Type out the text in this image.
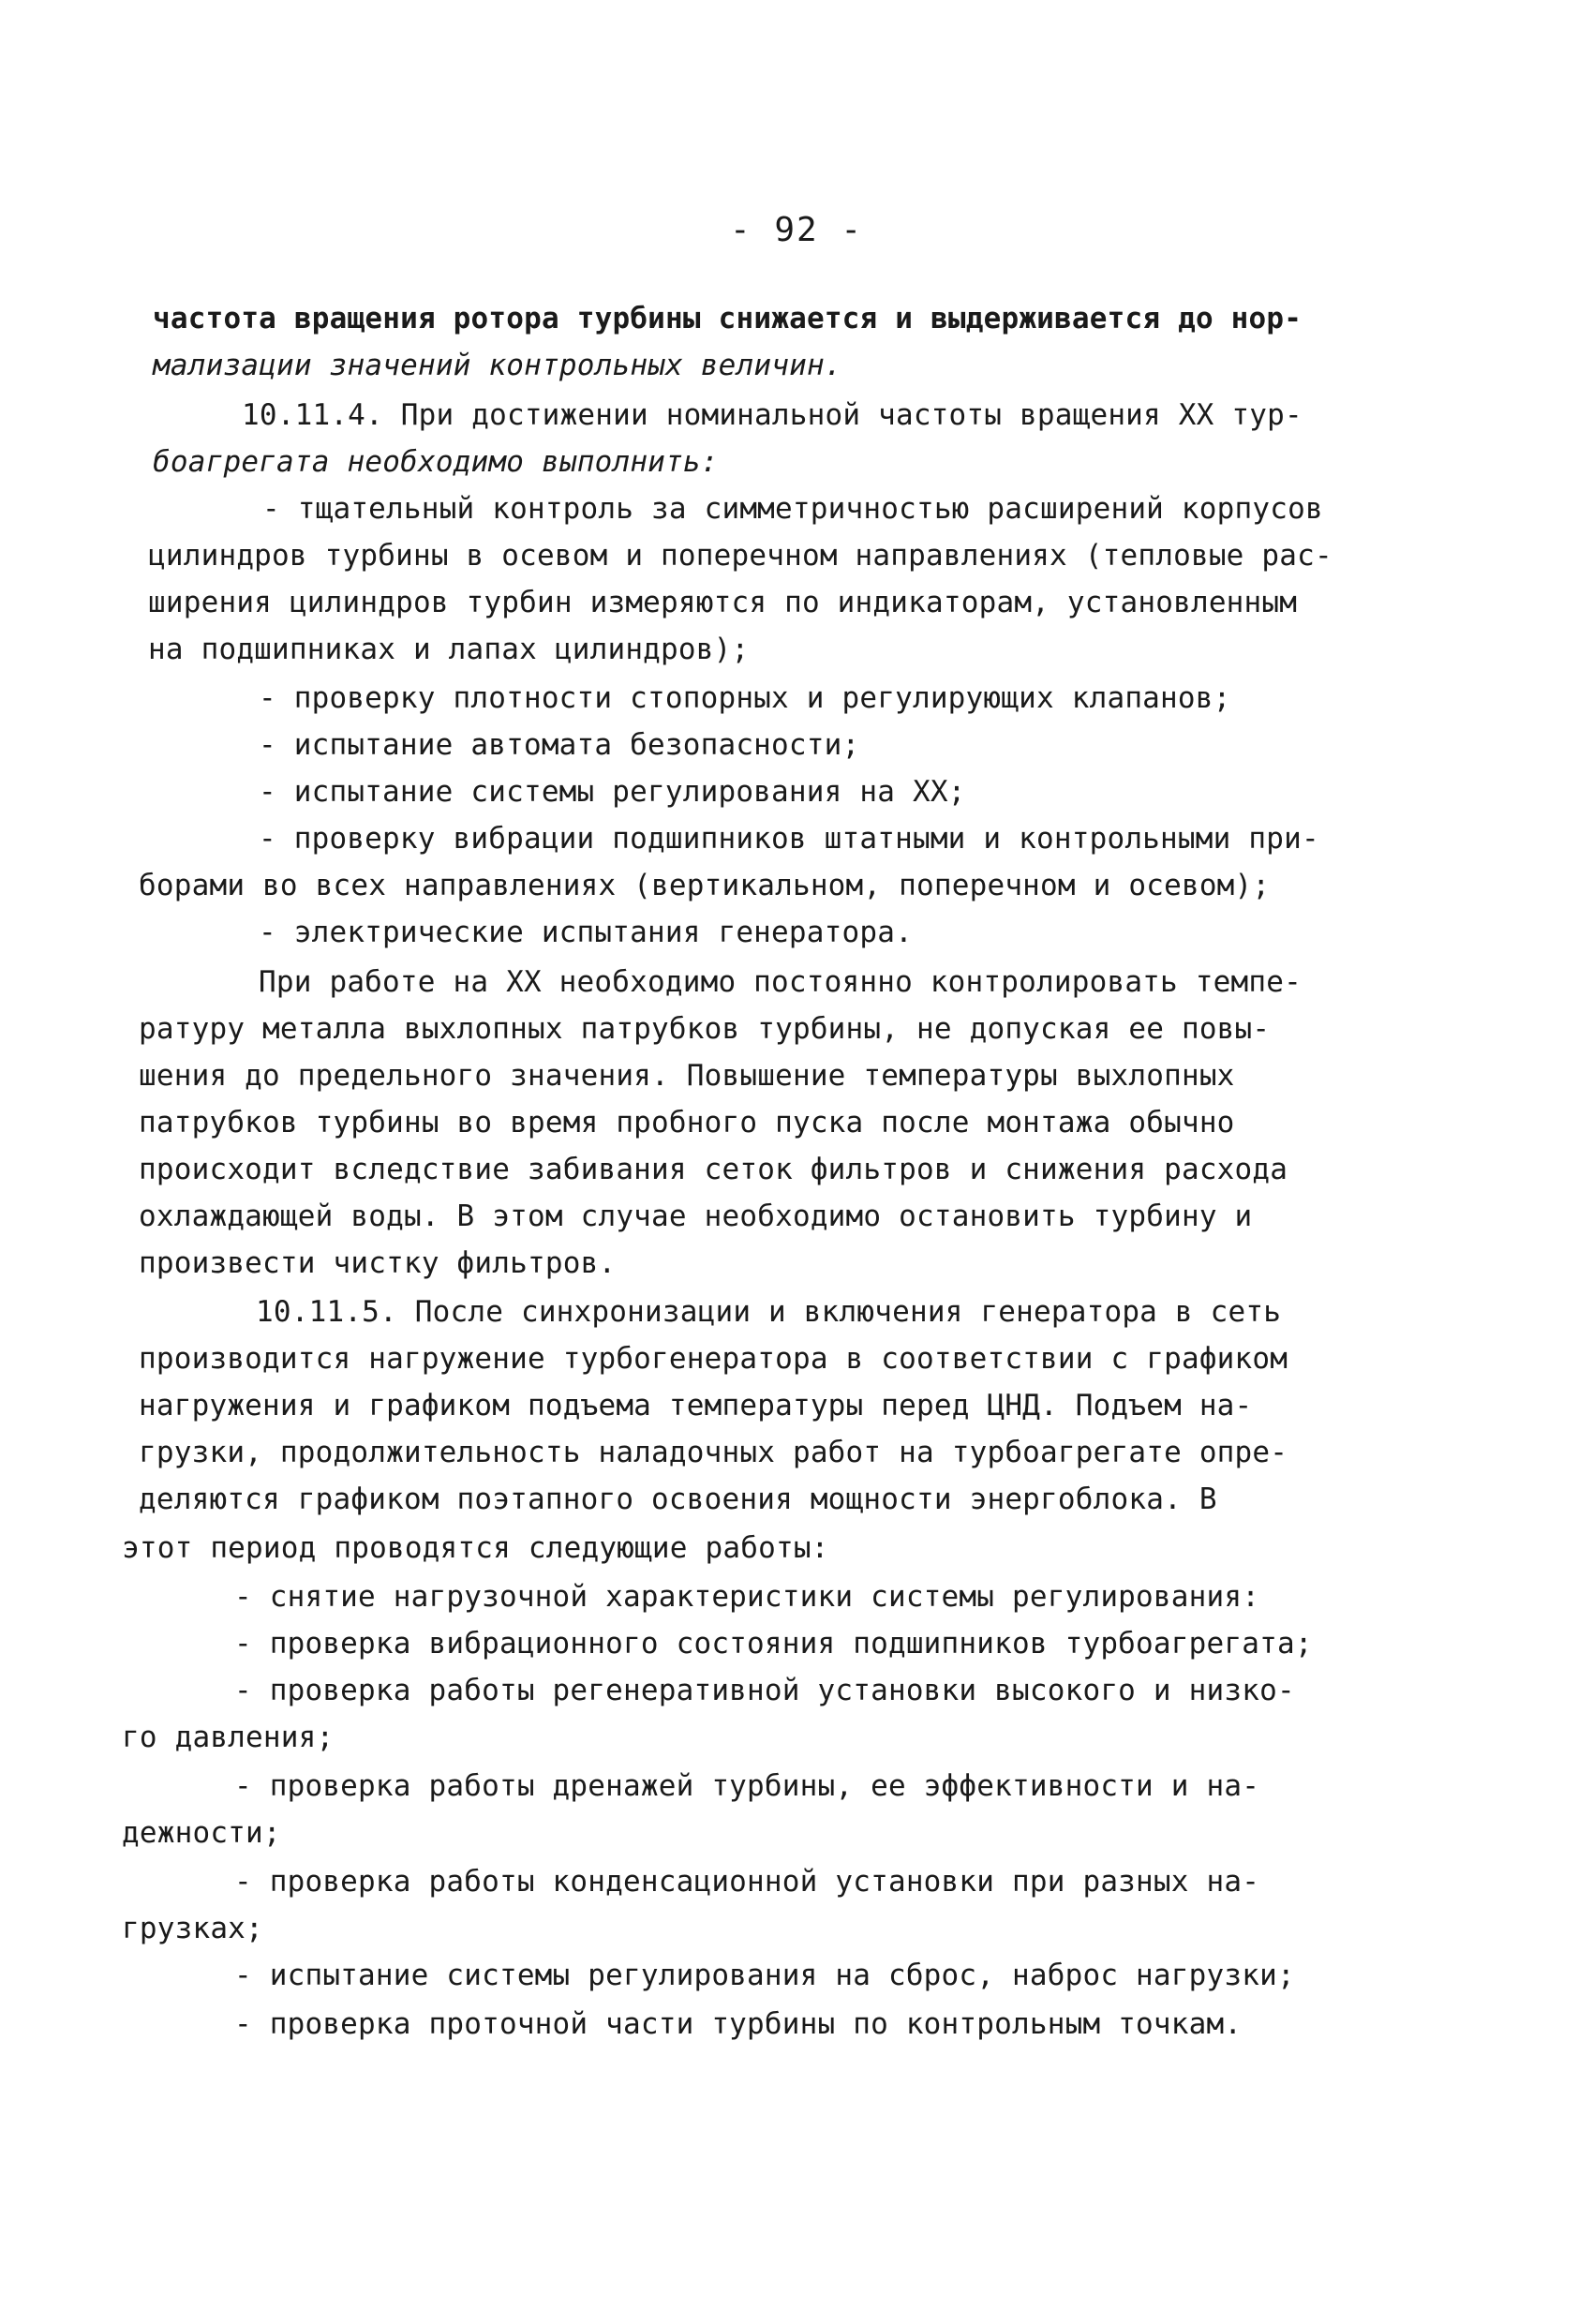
- 92 -
частота вращения ротора турбины снижается и выдерживается до нор-
мализации значений контрольных величин.
10.11.4. При достижении номинальной частоты вращения XX тур-
боагрегата необходимо выполнить:
- тщательный контроль за симметричностью расширений корпусов
цилиндров турбины в осевом и поперечном направлениях (тепловые рас-
ширения цилиндров турбин измеряются по индикаторам, установленным
на подшипниках и лапах цилиндров);
- проверку плотности стопорных и регулирующих клапанов;
- испытание автомата безопасности;
- испытание системы регулирования на XX;
- проверку вибрации подшипников штатными и контрольными при-
борами во всех направлениях (вертикальном, поперечном и осевом);
- электрические испытания генератора.
При работе на XX необходимо постоянно контролировать темпе-
ратуру металла выхлопных патрубков турбины, не допуская ее повы-
шения до предельного значения. Повышение температуры выхлопных
патрубков турбины во время пробного пуска после монтажа обычно
происходит вследствие забивания сеток фильтров и снижения расхода
охлаждающей воды. В этом случае необходимо остановить турбину и
произвести чистку фильтров.
10.11.5. После синхронизации и включения генератора в сеть
производится нагружение турбогенератора в соответствии с графиком
нагружения и графиком подъема температуры перед ЦНД. Подъем на-
грузки, продолжительность наладочных работ на турбоагрегате опре-
деляются графиком поэтапного освоения мощности энергоблока. В
этот период проводятся следующие работы:
- снятие нагрузочной характеристики системы регулирования:
- проверка вибрационного состояния подшипников турбоагрегата;
- проверка работы регенеративной установки высокого и низко-
го давления;
- проверка работы дренажей турбины, ее эффективности и на-
дежности;
- проверка работы конденсационной установки при разных на-
грузках;
- испытание системы регулирования на сброс, наброс нагрузки;
- проверка проточной части турбины по контрольным точкам.
